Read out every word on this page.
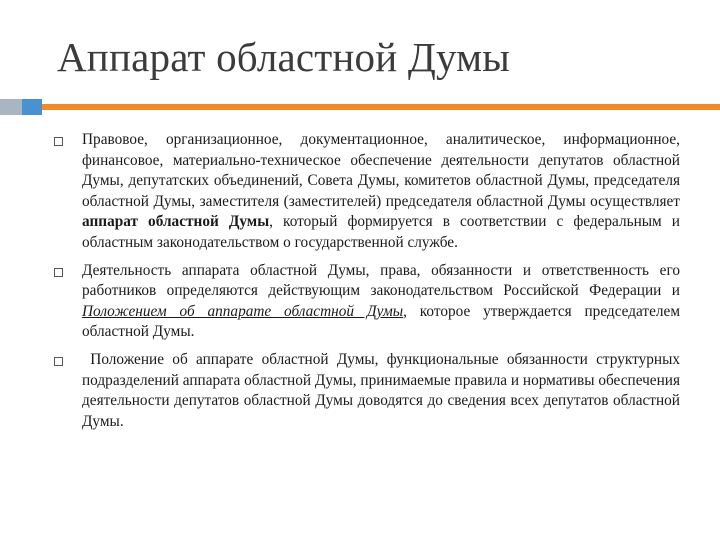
Аппарат областной Думы
Правовое, организационное, документационное, аналитическое, информационное, финансовое, материально-техническое обеспечение деятельности депутатов областной Думы, депутатских объединений, Совета Думы, комитетов областной Думы, председателя областной Думы, заместителя (заместителей) председателя областной Думы осуществляет аппарат областной Думы, который формируется в соответствии с федеральным и областным законодательством о государственной службе.
Деятельность аппарата областной Думы, права, обязанности и ответственность его работников определяются действующим законодательством Российской Федерации и Положением об аппарате областной Думы, которое утверждается председателем областной Думы.
Положение об аппарате областной Думы, функциональные обязанности структурных подразделений аппарата областной Думы, принимаемые правила и нормативы обеспечения деятельности депутатов областной Думы доводятся до сведения всех депутатов областной Думы.
